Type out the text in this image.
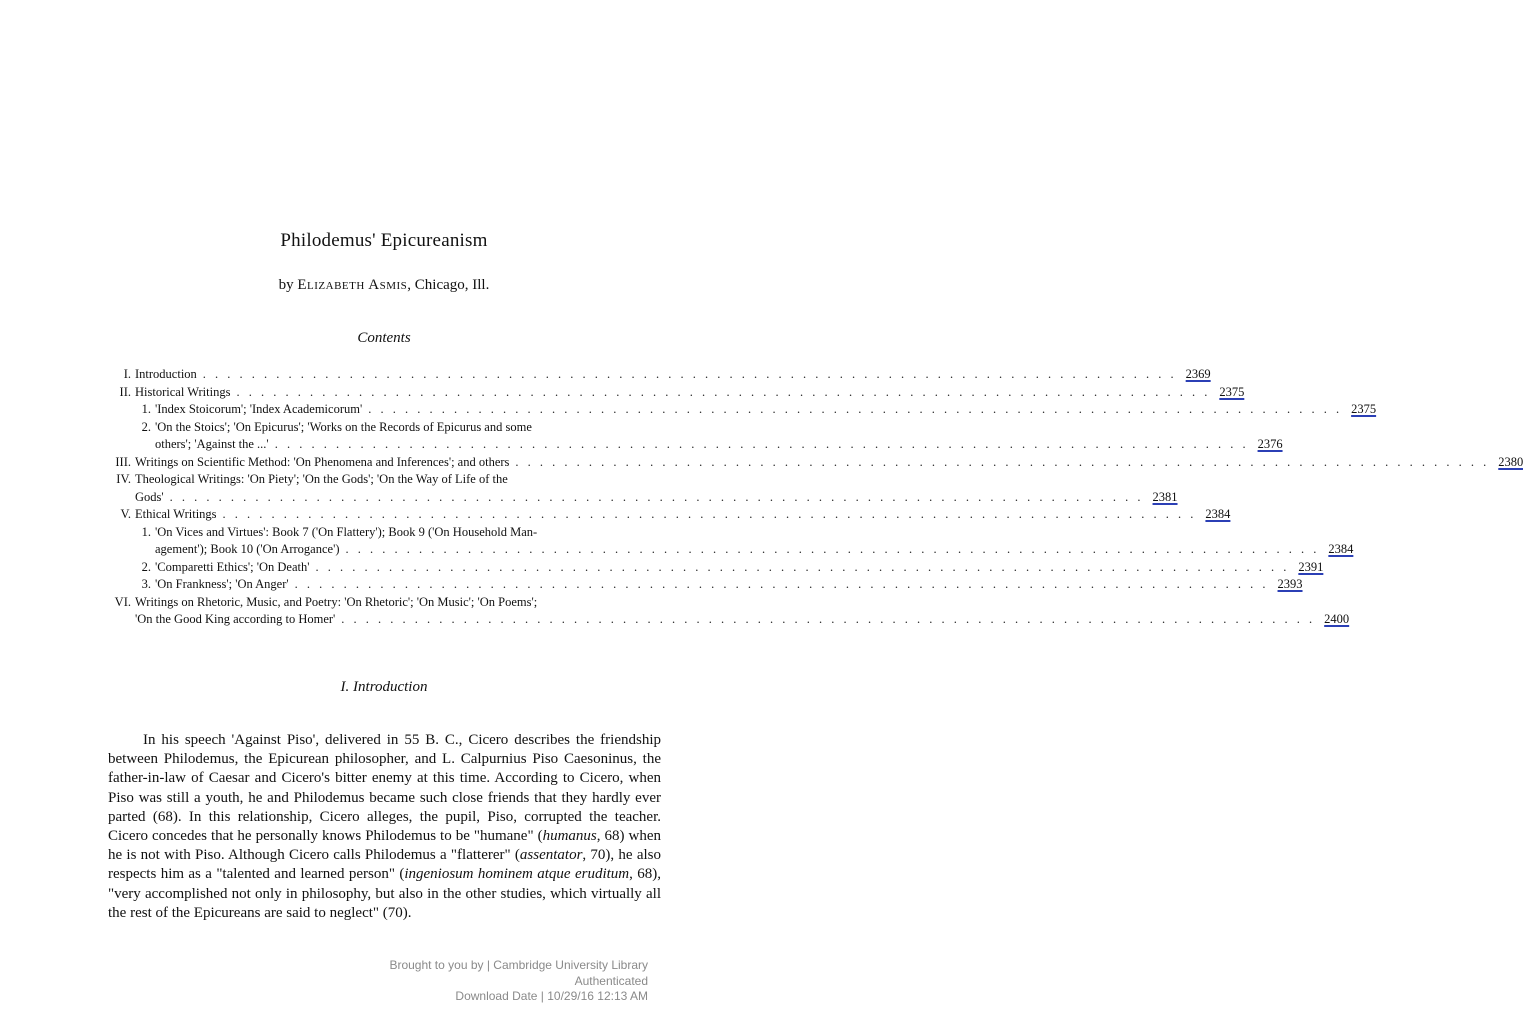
Philodemus' Epicureanism
by Elizabeth Asmis, Chicago, Ill.
Contents
I. Introduction . . .	2369
II. Historical Writings . . .	2375
1. 'Index Stoicorum'; 'Index Academicorum' . . .	2375
2. 'On the Stoics'; 'On Epicurus'; 'Works on the Records of Epicurus and some
others'; 'Against the ...' . . .	2376
III. Writings on Scientific Method: 'On Phenomena and Inferences'; and others . . .	2380
IV. Theological Writings: 'On Piety'; 'On the Gods'; 'On the Way of Life of the
Gods' . . .	2381
V. Ethical Writings . . .	2384
1. 'On Vices and Virtues': Book 7 ('On Flattery'); Book 9 ('On Household Man-
agement'); Book 10 ('On Arrogance') . . .	2384
2. 'Comparetti Ethics'; 'On Death' . . .	2391
3. 'On Frankness'; 'On Anger' . . .	2393
VI. Writings on Rhetoric, Music, and Poetry: 'On Rhetoric'; 'On Music'; 'On Poems';
'On the Good King according to Homer' . . .	2400
I. Introduction
In his speech 'Against Piso', delivered in 55 B. C., Cicero describes the friendship between Philodemus, the Epicurean philosopher, and L. Calpurnius Piso Caesoninus, the father-in-law of Caesar and Cicero's bitter enemy at this time. According to Cicero, when Piso was still a youth, he and Philodemus became such close friends that they hardly ever parted (68). In this relationship, Cicero alleges, the pupil, Piso, corrupted the teacher. Cicero concedes that he personally knows Philodemus to be "humane" (humanus, 68) when he is not with Piso. Although Cicero calls Philodemus a "flatterer" (assentator, 70), he also respects him as a "talented and learned person" (ingeniosum hominem atque eruditum, 68), "very accomplished not only in philosophy, but also in the other studies, which virtually all the rest of the Epicureans are said to neglect" (70).
Brought to you by | Cambridge University Library
Authenticated
Download Date | 10/29/16 12:13 AM
